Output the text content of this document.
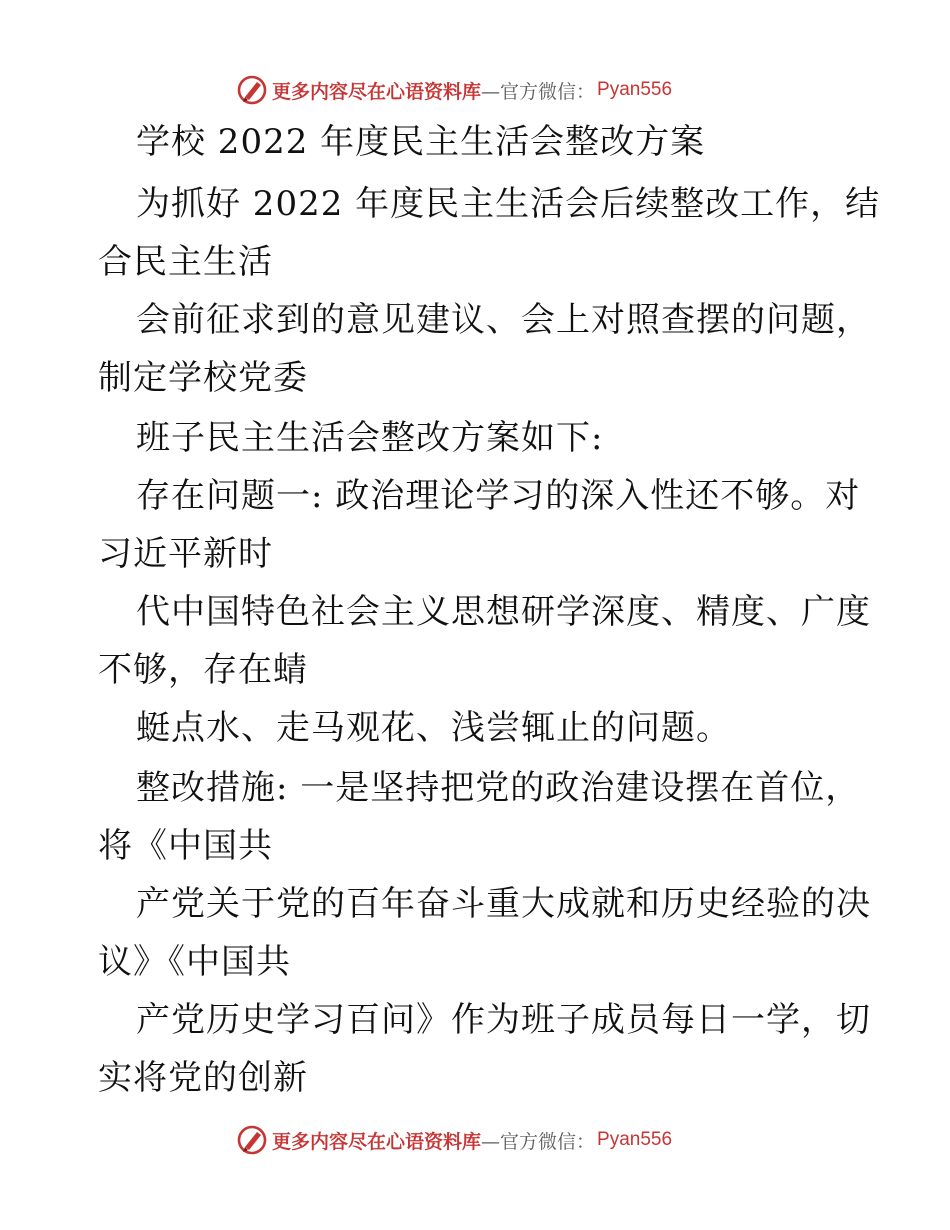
更多内容尽在心语资料库 —官方微信： Pyan556
学校 2022 年度民主生活会整改方案
为抓好 2022 年度民主生活会后续整改工作，结
合民主生活
会前征求到的意见建议、会上对照查摆的问题，
制定学校党委
班子民主生活会整改方案如下:
存在问题一: 政治理论学习的深入性还不够。对
习近平新时
代中国特色社会主义思想研学深度、精度、广度
不够，存在蜻
蜓点水、走马观花、浅尝辄止的问题。
整改措施: 一是坚持把党的政治建设摆在首位，
将《中国共
产党关于党的百年奋斗重大成就和历史经验的决
议》《中国共
产党历史学习百问》作为班子成员每日一学，切
实将党的创新
更多内容尽在心语资料库 —官方微信： Pyan556
